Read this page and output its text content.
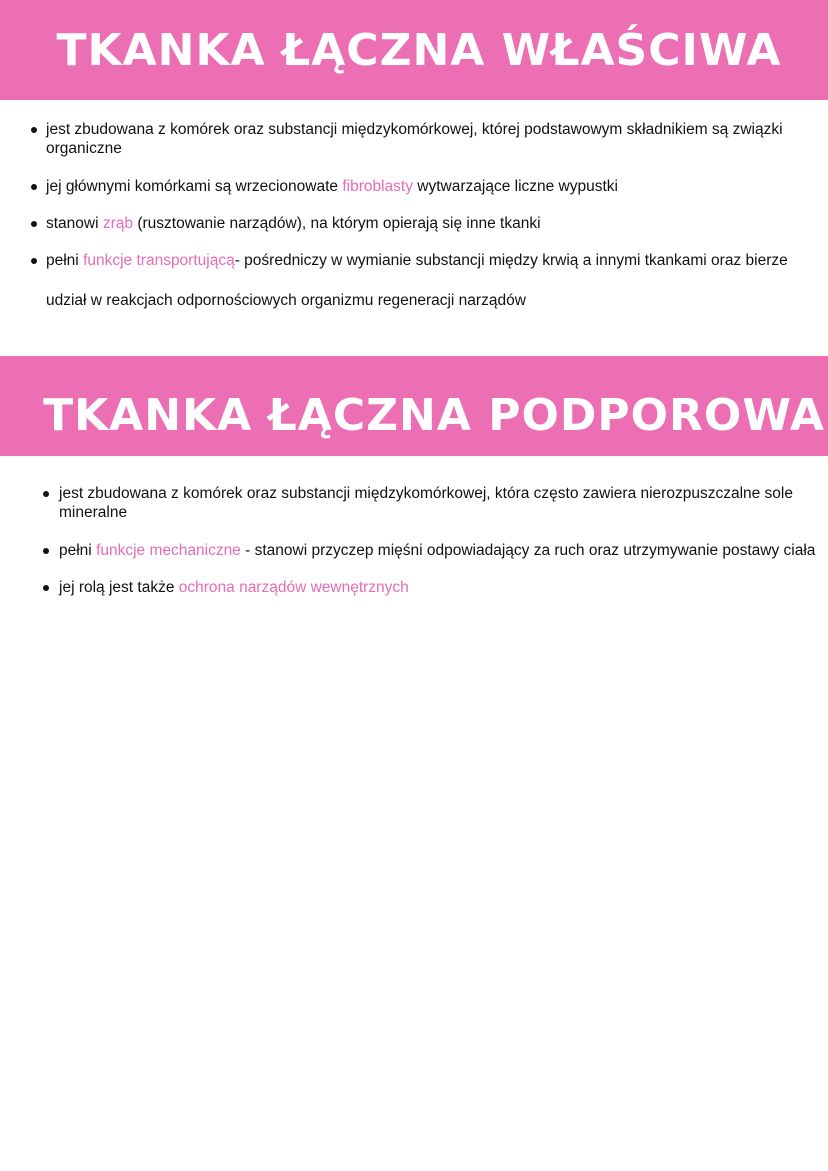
TKANKA ŁĄCZNA WŁAŚCIWA
jest zbudowana z komórek oraz substancji międzykomórkowej, której podstawowym składnikiem są związki organiczne
jej głównymi komórkami są wrzecionowate fibroblasty wytwarzające liczne wypustki
stanowi zrąb (rusztowanie narządów), na którym opierają się inne tkanki
pełni funkcje transportującą- pośredniczy w wymianie substancji między krwią a innymi tkankami oraz bierze udział w reakcjach odpornościowych organizmu regeneracji narządów
TKANKA ŁĄCZNA PODPOROWA
jest zbudowana z komórek oraz substancji międzykomórkowej, która często zawiera nierozpuszczalne sole mineralne
pełni funkcje mechaniczne - stanowi przyczep mięśni odpowiadający za ruch oraz utrzymywanie postawy ciała
jej rolą jest także ochrona narządów wewnętrznych
